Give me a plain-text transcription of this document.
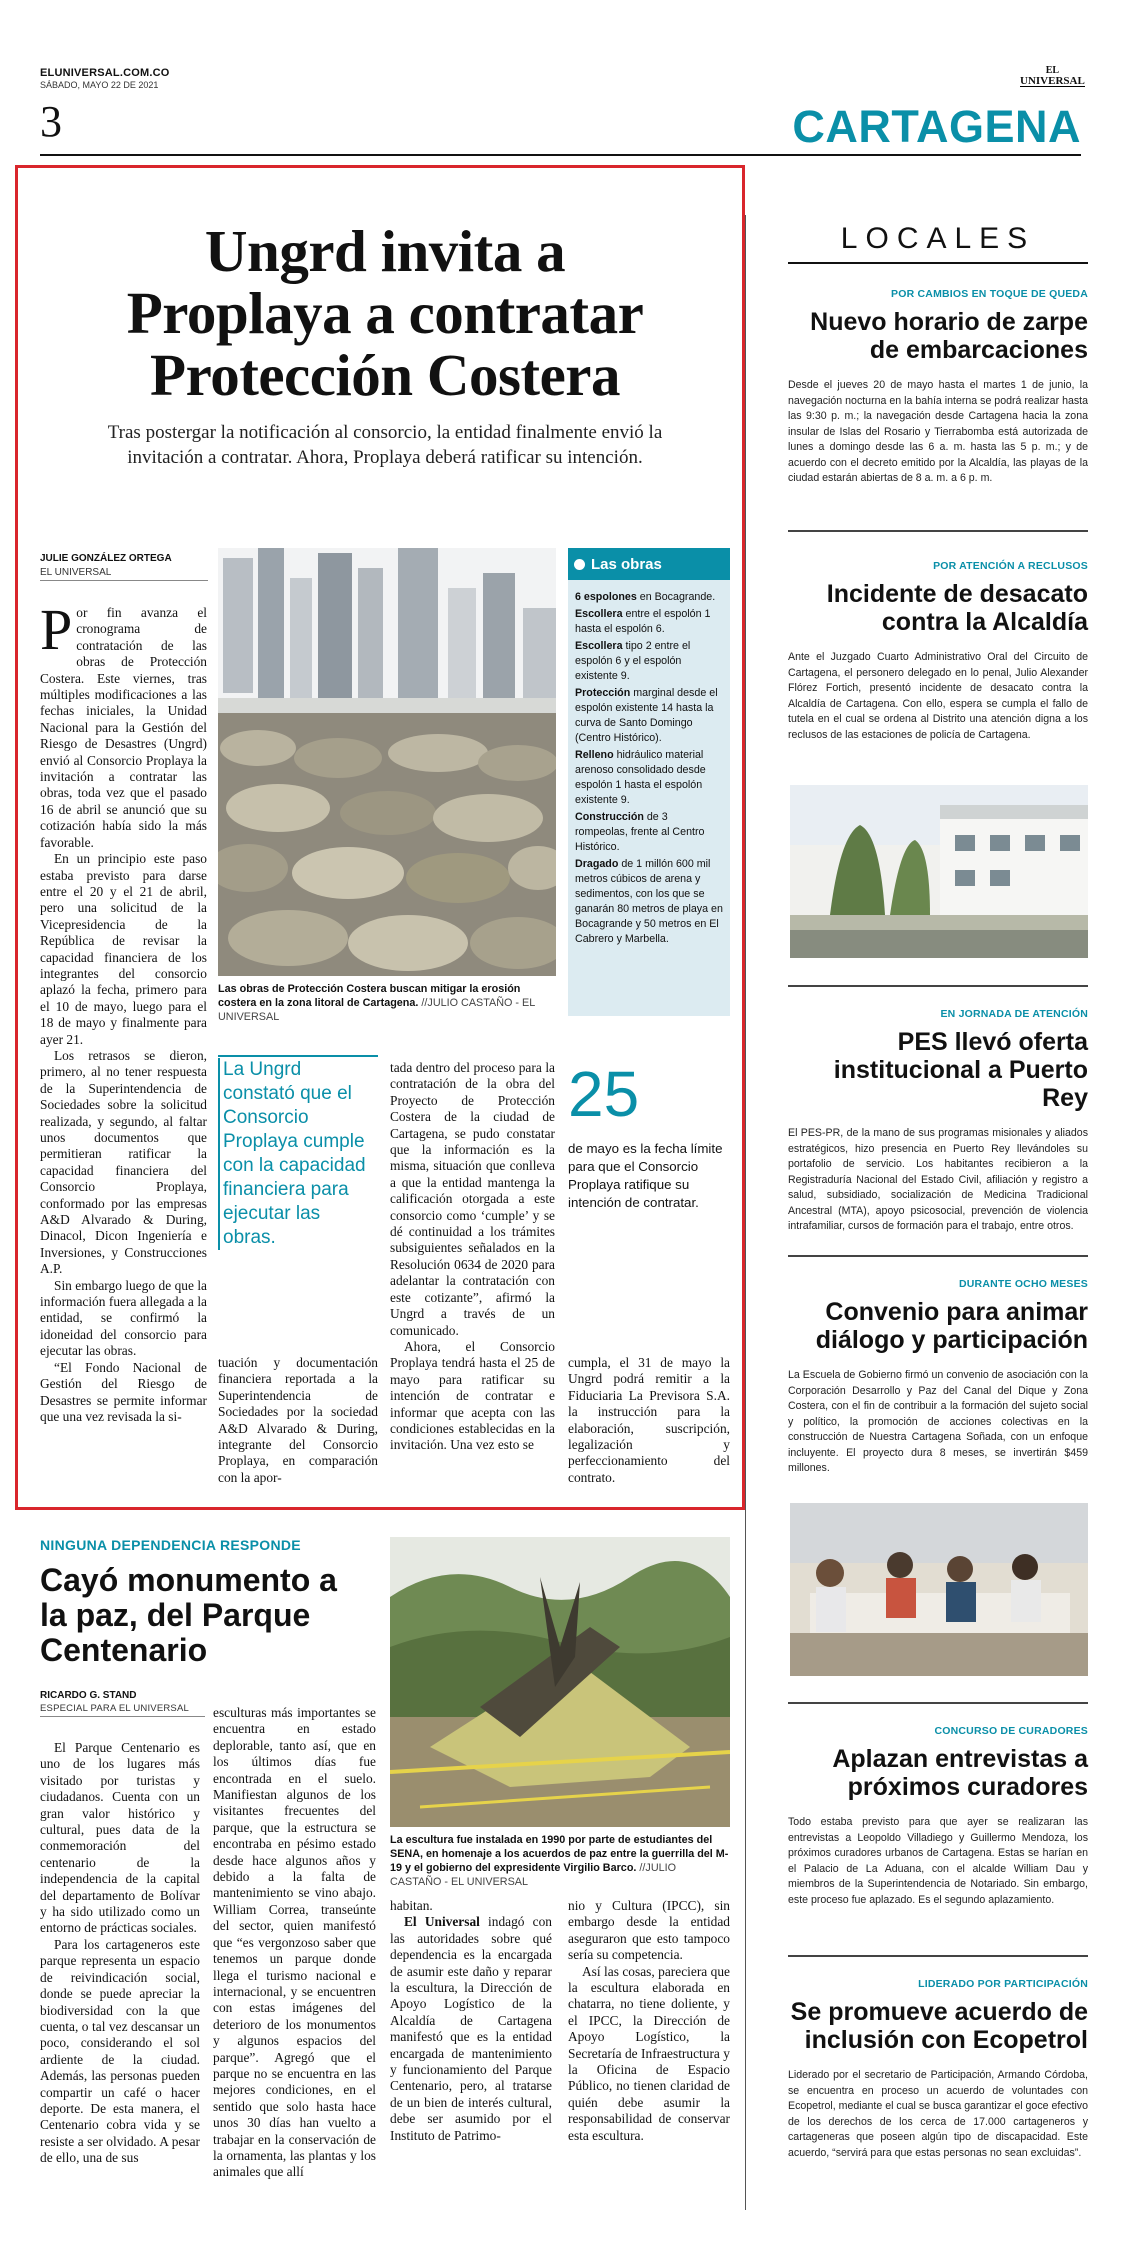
ELUNIVERSAL.COM.CO
SÁBADO, MAYO 22 DE 2021
3
EL
UNIVERSAL
CARTAGENA
Ungrd invita a
Proplaya a contratar
Protección Costera
Tras postergar la notificación al consorcio, la entidad finalmente envió la invitación a contratar. Ahora, Proplaya deberá ratificar su intención.
JULIE GONZÁLEZ ORTEGA
EL UNIVERSAL
P or fin avanza el cronograma de contratación de las obras de Protección Costera. Este viernes, tras múltiples modificaciones a las fechas iniciales, la Unidad Nacional para la Gestión del Riesgo de Desastres (Ungrd) envió al Consorcio Proplaya la invitación a contratar las obras, toda vez que el pasado 16 de abril se anunció que su cotización había sido la más favorable.

En un principio este paso estaba previsto para darse entre el 20 y el 21 de abril, pero una solicitud de la Vicepresidencia de la República de revisar la capacidad financiera de los integrantes del consorcio aplazó la fecha, primero para el 10 de mayo, luego para el 18 de mayo y finalmente para ayer 21.

Los retrasos se dieron, primero, al no tener respuesta de la Superintendencia de Sociedades sobre la solicitud realizada, y segundo, al faltar unos documentos que permitieran ratificar la capacidad financiera del Consorcio Proplaya, conformado por las empresas A&D Alvarado & During, Dinacol, Dicon Ingeniería e Inversiones, y Construcciones A.P.

Sin embargo luego de que la información fuera allegada a la entidad, se confirmó la idoneidad del consorcio para ejecutar las obras.

“El Fondo Nacional de Gestión del Riesgo de Desastres se permite informar que una vez revisada la si-

Las obras de Protección Costera buscan mitigar la erosión costera en la zona litoral de Cartagena. //JULIO CASTAÑO - EL UNIVERSAL
Las obras
6 espolones en Bocagrande.
Escollera entre el espolón 1 hasta el espolón 6.
Escollera tipo 2 entre el espolón 6 y el espolón existente 9.
Protección marginal desde el espolón existente 14 hasta la curva de Santo Domingo (Centro Histórico).
Relleno hidráulico material arenoso consolidado desde espolón 1 hasta el espolón existente 9.
Construcción de 3 rompeolas, frente al Centro Histórico.
Dragado de 1 millón 600 mil metros cúbicos de arena y sedimentos, con los que se ganarán 80 metros de playa en Bocagrande y 50 metros en El Cabrero y Marbella.
La Ungrd constató que el Consorcio Proplaya cumple con la capacidad financiera para ejecutar las obras.

tuación y documentación financiera reportada a la Superintendencia de Sociedades por la sociedad A&D Alvarado & During, integrante del Consorcio Proplaya, en comparación con la apor-

tada dentro del proceso para la contratación de la obra del Proyecto de Protección Costera de la ciudad de Cartagena, se pudo constatar que la información es la misma, situación que conlleva a que la entidad mantenga la calificación otorgada a este consorcio como ‘cumple’ y se dé continuidad a los trámites subsiguientes señalados en la Resolución 0634 de 2020 para adelantar la contratación con este cotizante”, afirmó la Ungrd a través de un comunicado.

Ahora, el Consorcio Proplaya tendrá hasta el 25 de mayo para ratificar su intención de contratar e informar que acepta con las condiciones establecidas en la invitación. Una vez esto se

25
de mayo es la fecha límite para que el Consorcio Proplaya ratifique su intención de contratar.

cumpla, el 31 de mayo la Ungrd podrá remitir a la Fiduciaria La Previsora S.A. la instrucción para la elaboración, suscripción, legalización y perfeccionamiento del contrato.

NINGUNA DEPENDENCIA RESPONDE
Cayó monumento a la paz, del Parque Centenario
RICARDO G. STAND
ESPECIAL PARA EL UNIVERSAL

El Parque Centenario es uno de los lugares más visitado por turistas y ciudadanos. Cuenta con un gran valor histórico y cultural, pues data de la conmemoración del centenario de la independencia de la capital del departamento de Bolívar y ha sido utilizado como un entorno de prácticas sociales.

Para los cartageneros este parque representa un espacio de reivindicación social, donde se puede apreciar la biodiversidad con la que cuenta, o tal vez descansar un poco, considerando el sol ardiente de la ciudad. Además, las personas pueden compartir un café o hacer deporte. De esta manera, el Centenario cobra vida y se resiste a ser olvidado. A pesar de ello, una de sus

esculturas más importantes se encuentra en estado deplorable, tanto así, que en los últimos días fue encontrada en el suelo. Manifiestan algunos de los visitantes frecuentes del parque, que la estructura se encontraba en pésimo estado desde hace algunos años y debido a la falta de mantenimiento se vino abajo. William Correa, transeúnte del sector, quien manifestó que “es vergonzoso saber que tenemos un parque donde llega el turismo nacional e internacional, y se encuentren con estas imágenes del deterioro de los monumentos y algunos espacios del parque”. Agregó que el parque no se encuentra en las mejores condiciones, en el sentido que solo hasta hace unos 30 días han vuelto a trabajar en la conservación de la ornamenta, las plantas y los animales que allí

La escultura fue instalada en 1990 por parte de estudiantes del SENA, en homenaje a los acuerdos de paz entre la guerrilla del M-19 y el gobierno del expresidente Virgilio Barco. //JULIO CASTAÑO - EL UNIVERSAL

habitan.

El Universal indagó con las autoridades sobre qué dependencia es la encargada de asumir este daño y reparar la escultura, la Dirección de Apoyo Logístico de la Alcaldía de Cartagena manifestó que es la entidad encargada de mantenimiento y funcionamiento del Parque Centenario, pero, al tratarse de un bien de interés cultural, debe ser asumido por el Instituto de Patrimo-

nio y Cultura (IPCC), sin embargo desde la entidad aseguraron que esto tampoco sería su competencia.

Así las cosas, pareciera que la escultura elaborada en chatarra, no tiene doliente, y el IPCC, la Dirección de Apoyo Logístico, la Secretaría de Infraestructura y la Oficina de Espacio Público, no tienen claridad de quién debe asumir la responsabilidad de conservar esta escultura.

LOCALES
POR CAMBIOS EN TOQUE DE QUEDA
Nuevo horario de zarpe de embarcaciones
Desde el jueves 20 de mayo hasta el martes 1 de junio, la navegación nocturna en la bahía interna se podrá realizar hasta las 9:30 p. m.; la navegación desde Cartagena hacia la zona insular de Islas del Rosario y Tierrabomba está autorizada de lunes a domingo desde las 6 a. m. hasta las 5 p. m.; y de acuerdo con el decreto emitido por la Alcaldía, las playas de la ciudad estarán abiertas de 8 a. m. a 6 p. m.
POR ATENCIÓN A RECLUSOS
Incidente de desacato contra la Alcaldía
Ante el Juzgado Cuarto Administrativo Oral del Circuito de Cartagena, el personero delegado en lo penal, Julio Alexander Flórez Fortich, presentó incidente de desacato contra la Alcaldía de Cartagena. Con ello, espera se cumpla el fallo de tutela en el cual se ordena al Distrito una atención digna a los reclusos de las estaciones de policía de Cartagena.
EN JORNADA DE ATENCIÓN
PES llevó oferta institucional a Puerto Rey
El PES-PR, de la mano de sus programas misionales y aliados estratégicos, hizo presencia en Puerto Rey llevándoles su portafolio de servicio. Los habitantes recibieron a la Registraduría Nacional del Estado Civil, afiliación y registro a salud, subsidiado, socialización de Medicina Tradicional Ancestral (MTA), apoyo psicosocial, prevención de violencia intrafamiliar, cursos de formación para el trabajo, entre otros.
DURANTE OCHO MESES
Convenio para animar diálogo y participación
La Escuela de Gobierno firmó un convenio de asociación con la Corporación Desarrollo y Paz del Canal del Dique y Zona Costera, con el fin de contribuir a la formación del sujeto social y político, la promoción de acciones colectivas en la construcción de Nuestra Cartagena Soñada, con un enfoque incluyente. El proyecto dura 8 meses, se invertirán $459 millones.
CONCURSO DE CURADORES
Aplazan entrevistas a próximos curadores
Todo estaba previsto para que ayer se realizaran las entrevistas a Leopoldo Villadiego y Guillermo Mendoza, los próximos curadores urbanos de Cartagena. Estas se harían en el Palacio de La Aduana, con el alcalde William Dau y miembros de la Superintendencia de Notariado. Sin embargo, este proceso fue aplazado. Es el segundo aplazamiento.
LIDERADO POR PARTICIPACIÓN
Se promueve acuerdo de inclusión con Ecopetrol
Liderado por el secretario de Participación, Armando Córdoba, se encuentra en proceso un acuerdo de voluntades con Ecopetrol, mediante el cual se busca garantizar el goce efectivo de los derechos de los cerca de 17.000 cartageneros y cartageneras que poseen algún tipo de discapacidad. Este acuerdo, “servirá para que estas personas no sean excluidas”.
